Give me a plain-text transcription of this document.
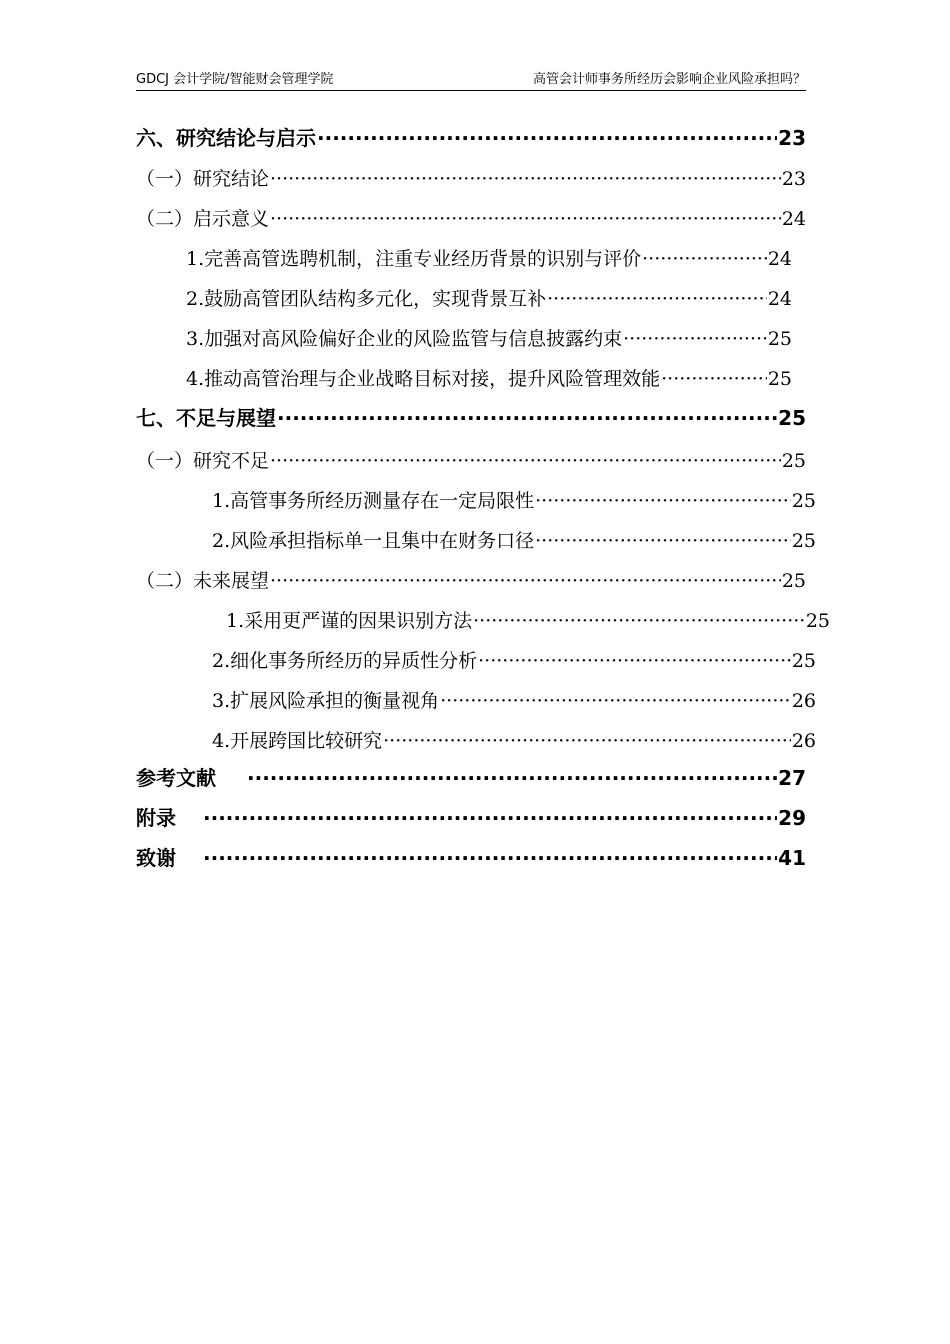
GDCJ 会计学院/智能财会管理学院	高管会计师事务所经历会影响企业风险承担吗？
六、研究结论与启示 ·····	23
（一）研究结论 ·····	23
（二）启示意义 ·····	24
1.完善高管选聘机制，注重专业经历背景的识别与评价 ·····	24
2.鼓励高管团队结构多元化，实现背景互补 ·····	24
3.加强对高风险偏好企业的风险监管与信息披露约束 ·····	25
4.推动高管治理与企业战略目标对接，提升风险管理效能 ·····	25
七、不足与展望 ·····	25
（一）研究不足 ·····	25
1.高管事务所经历测量存在一定局限性 ·····	25
2.风险承担指标单一且集中在财务口径 ·····	25
（二）未来展望 ·····	25
1.采用更严谨的因果识别方法 ·····	25
2.细化事务所经历的异质性分析 ·····	25
3.扩展风险承担的衡量视角 ·····	26
4.开展跨国比较研究 ·····	26
参考文献 ·····	27
附录 ·····	29
致谢 ·····	41
